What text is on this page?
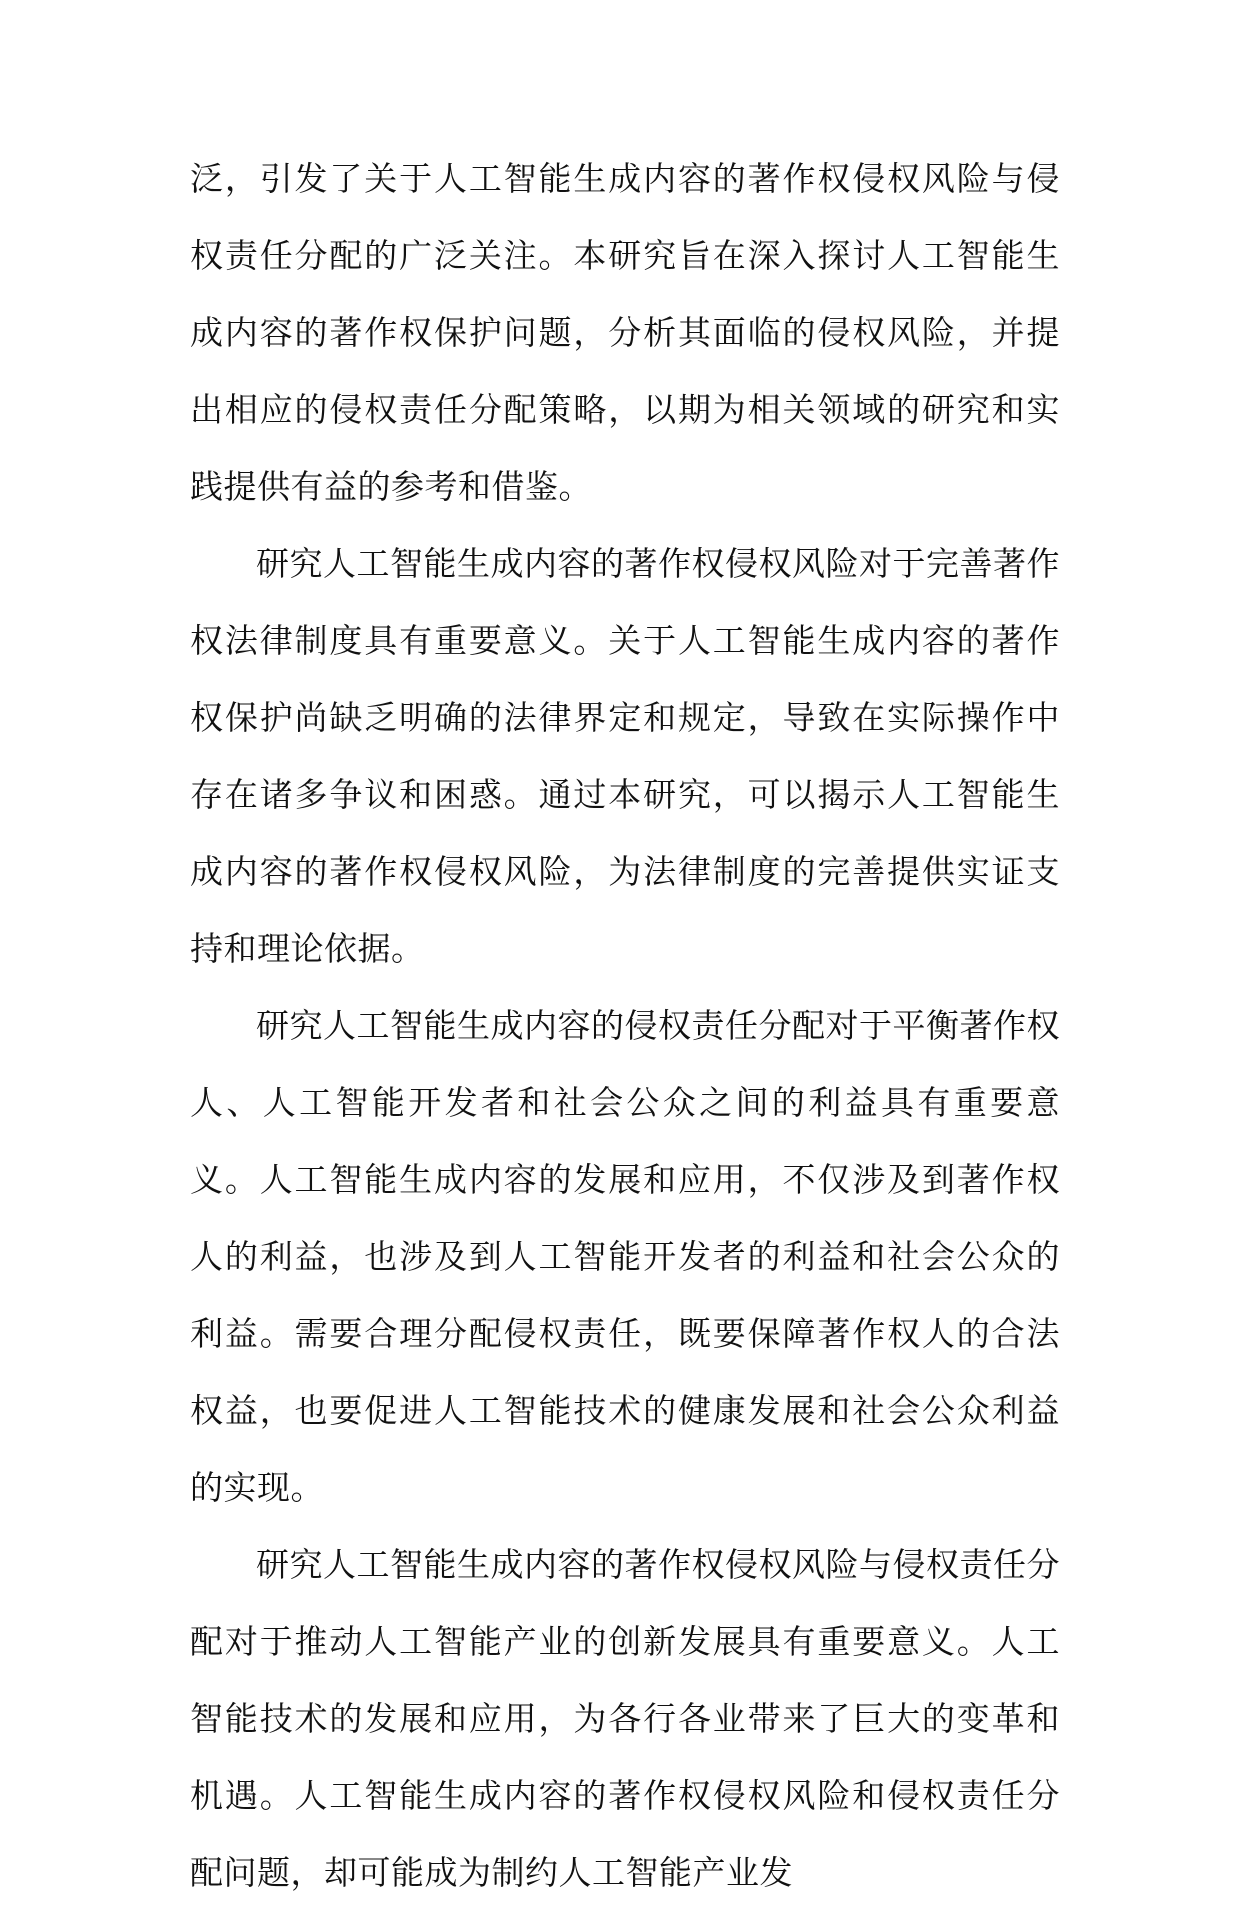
泛，引发了关于人工智能生成内容的著作权侵权风险与侵权责任分配的广泛关注。本研究旨在深入探讨人工智能生成内容的著作权保护问题，分析其面临的侵权风险，并提出相应的侵权责任分配策略，以期为相关领域的研究和实践提供有益的参考和借鉴。

研究人工智能生成内容的著作权侵权风险对于完善著作权法律制度具有重要意义。关于人工智能生成内容的著作权保护尚缺乏明确的法律界定和规定，导致在实际操作中存在诸多争议和困惑。通过本研究，可以揭示人工智能生成内容的著作权侵权风险，为法律制度的完善提供实证支持和理论依据。

研究人工智能生成内容的侵权责任分配对于平衡著作权人、人工智能开发者和社会公众之间的利益具有重要意义。人工智能生成内容的发展和应用，不仅涉及到著作权人的利益，也涉及到人工智能开发者的利益和社会公众的利益。需要合理分配侵权责任，既要保障著作权人的合法权益，也要促进人工智能技术的健康发展和社会公众利益的实现。

研究人工智能生成内容的著作权侵权风险与侵权责任分配对于推动人工智能产业的创新发展具有重要意义。人工智能技术的发展和应用，为各行各业带来了巨大的变革和机遇。人工智能生成内容的著作权侵权风险和侵权责任分配问题，却可能成为制约人工智能产业发
